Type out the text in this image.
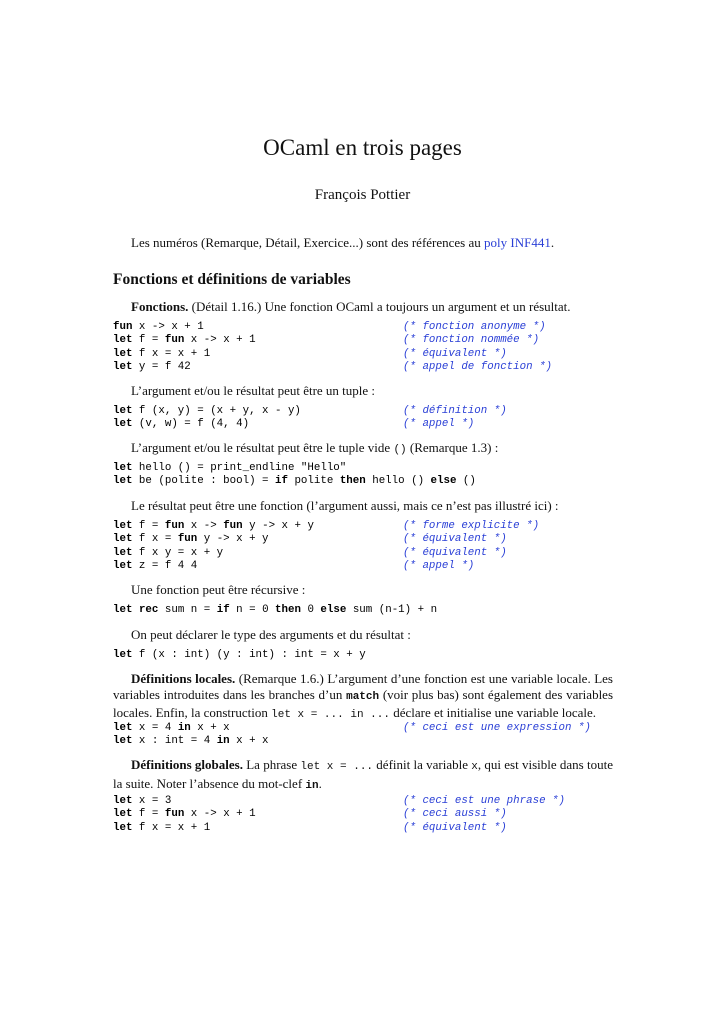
OCaml en trois pages
François Pottier
Les numéros (Remarque, Détail, Exercice...) sont des références au poly INF441.
Fonctions et définitions de variables
Fonctions. (Détail 1.16.) Une fonction OCaml a toujours un argument et un résultat.
fun x -> x + 1	(* fonction anonyme *)
let f = fun x -> x + 1	(* fonction nommée *)
let f x = x + 1	(* équivalent *)
let y = f 42	(* appel de fonction *)
L’argument et/ou le résultat peut être un tuple :
let f (x, y) = (x + y, x - y)	(* définition *)
let (v, w) = f (4, 4)	(* appel *)
L’argument et/ou le résultat peut être le tuple vide () (Remarque 1.3) :
let hello () = print_endline "Hello"
let be (polite : bool) = if polite then hello () else ()
Le résultat peut être une fonction (l’argument aussi, mais ce n’est pas illustré ici) :
let f = fun x -> fun y -> x + y	(* forme explicite *)
let f x = fun y -> x + y	(* équivalent *)
let f x y = x + y	(* équivalent *)
let z = f 4 4	(* appel *)
Une fonction peut être récursive :
let rec sum n = if n = 0 then 0 else sum (n-1) + n
On peut déclarer le type des arguments et du résultat :
let f (x : int) (y : int) : int = x + y
Définitions locales. (Remarque 1.6.) L’argument d’une fonction est une variable locale. Les variables introduites dans les branches d’un match (voir plus bas) sont également des variables locales. Enfin, la construction let x = ... in ... déclare et initialise une variable locale.
let x = 4 in x + x	(* ceci est une expression *)
let x : int = 4 in x + x
Définitions globales. La phrase let x = ... définit la variable x, qui est visible dans toute la suite. Noter l’absence du mot-clef in.
let x = 3	(* ceci est une phrase *)
let f = fun x -> x + 1	(* ceci aussi *)
let f x = x + 1	(* équivalent *)
